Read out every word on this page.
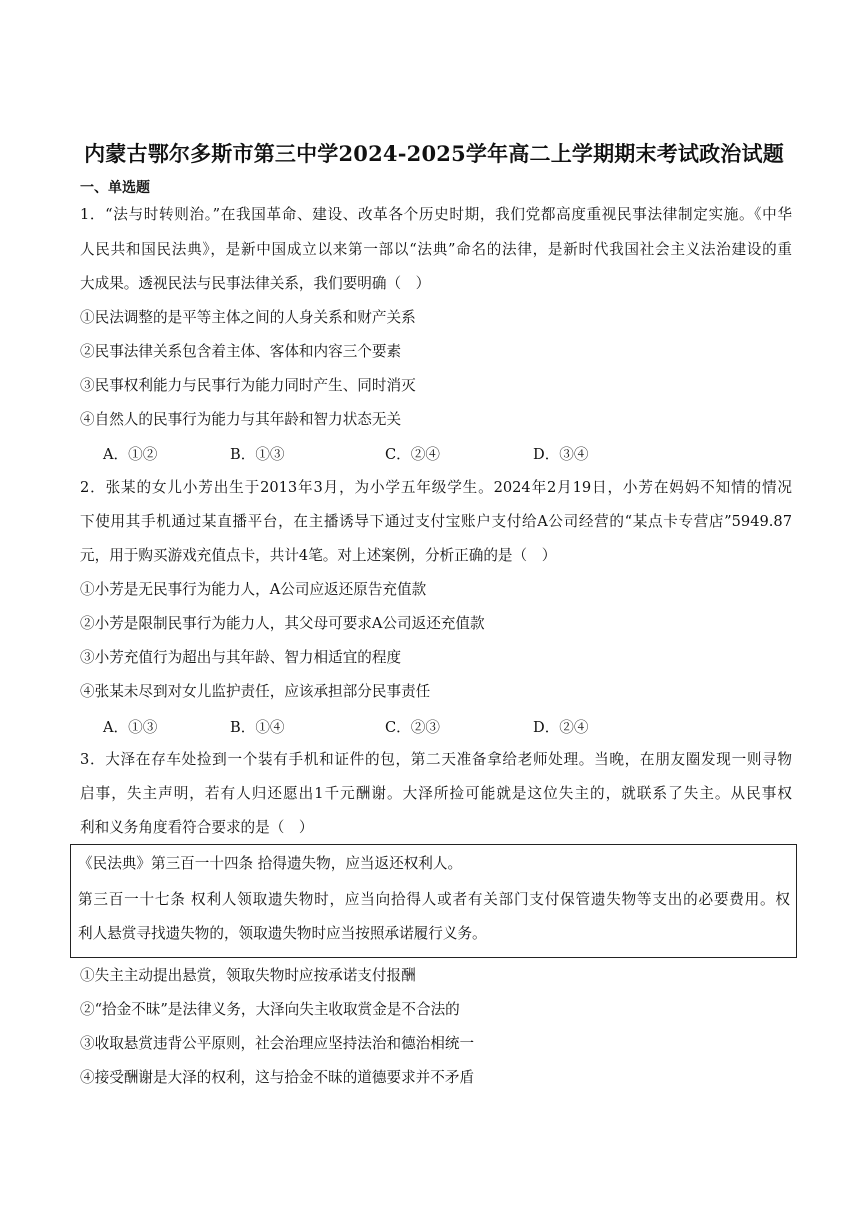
内蒙古鄂尔多斯市第三中学2024-2025学年高二上学期期末考试政治试题
一、单选题
1．“法与时转则治。”在我国革命、建设、改革各个历史时期，我们党都高度重视民事法律制定实施。《中华
人民共和国民法典》，是新中国成立以来第一部以“法典”命名的法律，是新时代我国社会主义法治建设的重
大成果。透视民法与民事法律关系，我们要明确（　）
①民法调整的是平等主体之间的人身关系和财产关系
②民事法律关系包含着主体、客体和内容三个要素
③民事权利能力与民事行为能力同时产生、同时消灭
④自然人的民事行为能力与其年龄和智力状态无关
A．①②	B．①③	C．②④	D．③④
2．张某的女儿小芳出生于2013年3月，为小学五年级学生。2024年2月19日，小芳在妈妈不知情的情况
下使用其手机通过某直播平台，在主播诱导下通过支付宝账户支付给A公司经营的“某点卡专营店”5949.87
元，用于购买游戏充值点卡，共计4笔。对上述案例，分析正确的是（　）
①小芳是无民事行为能力人，A公司应返还原告充值款
②小芳是限制民事行为能力人，其父母可要求A公司返还充值款
③小芳充值行为超出与其年龄、智力相适宜的程度
④张某未尽到对女儿监护责任，应该承担部分民事责任
A．①③	B．①④	C．②③	D．②④
3．大泽在存车处捡到一个装有手机和证件的包，第二天准备拿给老师处理。当晚，在朋友圈发现一则寻物
启事，失主声明，若有人归还愿出1千元酬谢。大泽所捡可能就是这位失主的，就联系了失主。从民事权
利和义务角度看符合要求的是（　）
《民法典》第三百一十四条 拾得遗失物，应当返还权利人。
第三百一十七条 权利人领取遗失物时，应当向拾得人或者有关部门支付保管遗失物等支出的必要费用。权
利人悬赏寻找遗失物的，领取遗失物时应当按照承诺履行义务。
①失主主动提出悬赏，领取失物时应按承诺支付报酬
②“拾金不昧”是法律义务，大泽向失主收取赏金是不合法的
③收取悬赏违背公平原则，社会治理应坚持法治和德治相统一
④接受酬谢是大泽的权利，这与拾金不昧的道德要求并不矛盾
